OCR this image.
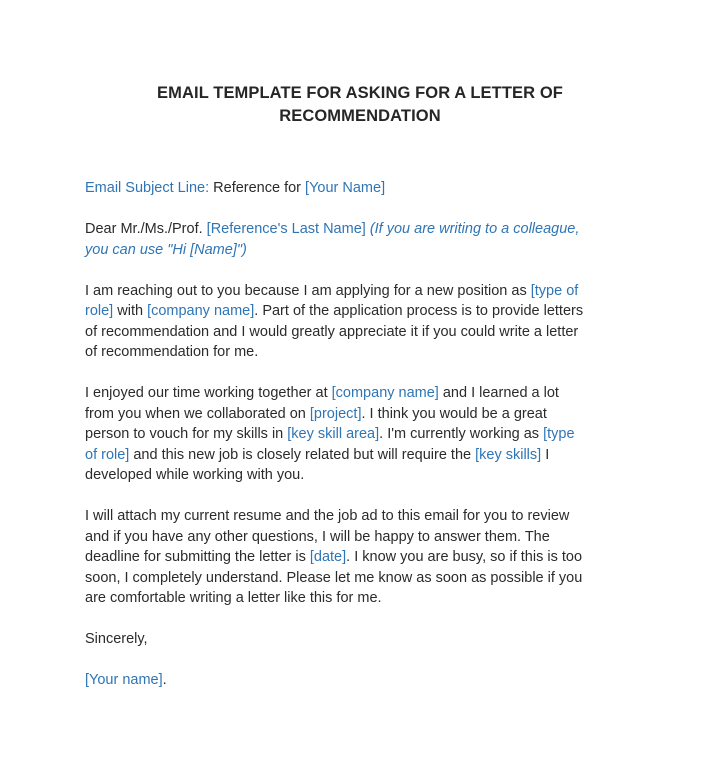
EMAIL TEMPLATE FOR ASKING FOR A LETTER OF
RECOMMENDATION

Email Subject Line: Reference for [Your Name]

Dear Mr./Ms./Prof. [Reference's Last Name] (If you are writing to a colleague,
you can use "Hi [Name]")

I am reaching out to you because I am applying for a new position as [type of
role] with [company name]. Part of the application process is to provide letters
of recommendation and I would greatly appreciate it if you could write a letter
of recommendation for me.

I enjoyed our time working together at [company name] and I learned a lot
from you when we collaborated on [project]. I think you would be a great
person to vouch for my skills in [key skill area]. I'm currently working as [type
of role] and this new job is closely related but will require the [key skills] I
developed while working with you.

I will attach my current resume and the job ad to this email for you to review
and if you have any other questions, I will be happy to answer them. The
deadline for submitting the letter is [date]. I know you are busy, so if this is too
soon, I completely understand. Please let me know as soon as possible if you
are comfortable writing a letter like this for me.

Sincerely,

[Your name].
